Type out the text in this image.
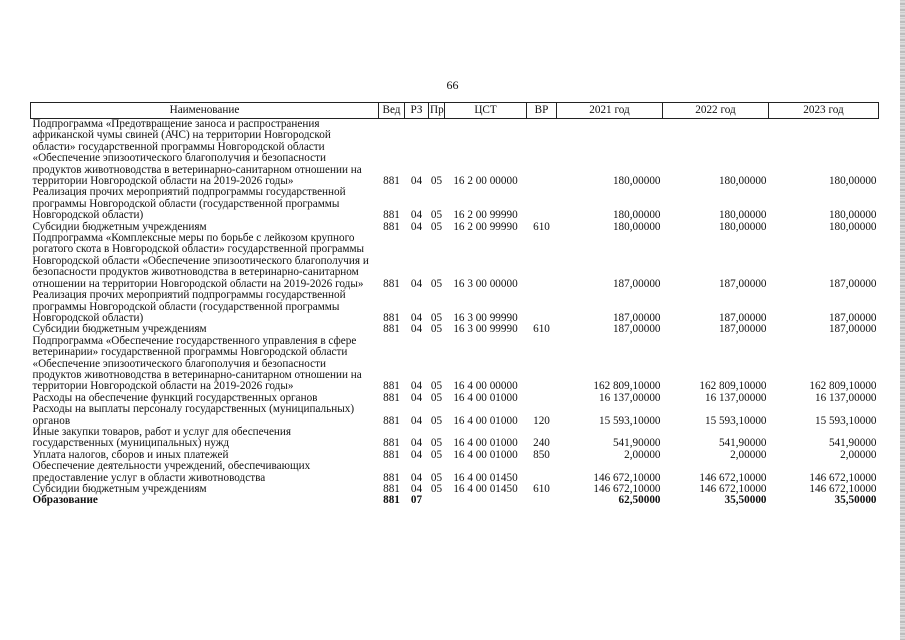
66
Наименование	Вед	РЗ	Пр	ЦСТ	ВР	2021 год	2022 год	2023 год
Подпрограмма «Предотвращение заноса и распространения африканской чумы свиней (АЧС) на территории Новгородской области» государственной программы Новгородской области «Обеспечение эпизоотического благополучия и безопасности продуктов животноводства в ветеринарно-санитарном отношении на территории Новгородской области на 2019-2026 годы»	881	04	05	16 2 00 00000		180,00000	180,00000	180,00000
Реализация прочих мероприятий подпрограммы государственной программы Новгородской области (государственной программы Новгородской области)	881	04	05	16 2 00 99990		180,00000	180,00000	180,00000
Субсидии бюджетным учреждениям	881	04	05	16 2 00 99990	610	180,00000	180,00000	180,00000
Подпрограмма «Комплексные меры по борьбе с лейкозом крупного рогатого скота в Новгородской области» государственной программы Новгородской области «Обеспечение эпизоотического благополучия и безопасности продуктов животноводства в ветеринарно-санитарном отношении на территории Новгородской области на 2019-2026 годы»	881	04	05	16 3 00 00000		187,00000	187,00000	187,00000
Реализация прочих мероприятий подпрограммы государственной программы Новгородской области (государственной программы Новгородской области)	881	04	05	16 3 00 99990		187,00000	187,00000	187,00000
Субсидии бюджетным учреждениям	881	04	05	16 3 00 99990	610	187,00000	187,00000	187,00000
Подпрограмма «Обеспечение государственного управления в сфере ветеринарии» государственной программы Новгородской области «Обеспечение эпизоотического благополучия и безопасности продуктов животноводства в ветеринарно-санитарном отношении на территории Новгородской области на 2019-2026 годы»	881	04	05	16 4 00 00000		162 809,10000	162 809,10000	162 809,10000
Расходы на обеспечение функций государственных органов	881	04	05	16 4 00 01000		16 137,00000	16 137,00000	16 137,00000
Расходы на выплаты персоналу государственных (муниципальных) органов	881	04	05	16 4 00 01000	120	15 593,10000	15 593,10000	15 593,10000
Иные закупки товаров, работ и услуг для обеспечения государственных (муниципальных) нужд	881	04	05	16 4 00 01000	240	541,90000	541,90000	541,90000
Уплата налогов, сборов и иных платежей	881	04	05	16 4 00 01000	850	2,00000	2,00000	2,00000
Обеспечение деятельности учреждений, обеспечивающих предоставление услуг в области животноводства	881	04	05	16 4 00 01450		146 672,10000	146 672,10000	146 672,10000
Субсидии бюджетным учреждениям	881	04	05	16 4 00 01450	610	146 672,10000	146 672,10000	146 672,10000
Образование	881	07				62,50000	35,50000	35,50000
